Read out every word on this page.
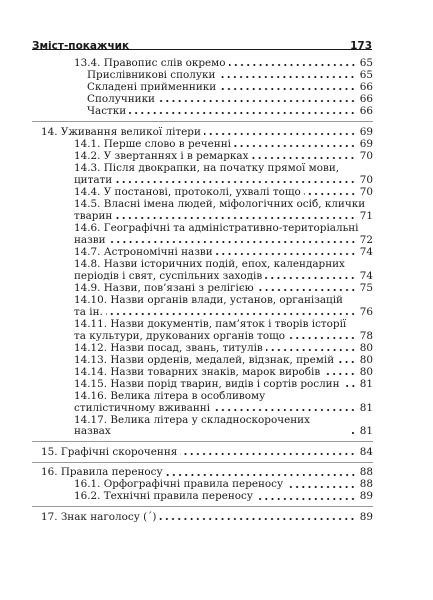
Зміст-покажчик	173
13.4. Правопис слів окремо	65
Прислівникові сполуки	65
Складені прийменники	66
Сполучники	66
Частки	66
14. Уживання великої літери	69
14.1. Перше слово в реченні	69
14.2. У звертаннях і в ремарках	70
14.3. Після двокрапки, на початку прямої мови,
цитати	70
14.4. У постанові, протоколі, ухвалі тощо	70
14.5. Власні імена людей, міфологічних осіб, клички
тварин	71
14.6. Географічні та адміністративно-територіальні
назви	72
14.7. Астрономічні назви	74
14.8. Назви історичних подій, епох, календарних
періодів і свят, суспільних заходів	74
14.9. Назви, пов’язані з релігією	75
14.10. Назви органів влади, установ, організацій
та ін.	76
14.11. Назви документів, пам’яток і творів історії
та культури, друкованих органів тощо	78
14.12. Назви посад, звань, титулів	80
14.13. Назви орденів, медалей, відзнак, премій 80
14.14. Назви товарних знаків, марок виробів	80
14.15. Назви порід тварин, видів і сортів рослин 81
14.16. Велика літера в особливому
стилістичному вживанні	81
14.17. Велика літера у складноскорочених назвах	81
15. Графічні скорочення	84
16. Правила переносу	88
16.1. Орфографічні правила переносу	88
16.2. Технічні правила переносу	89
17. Знак наголосу (ˊ)	89
